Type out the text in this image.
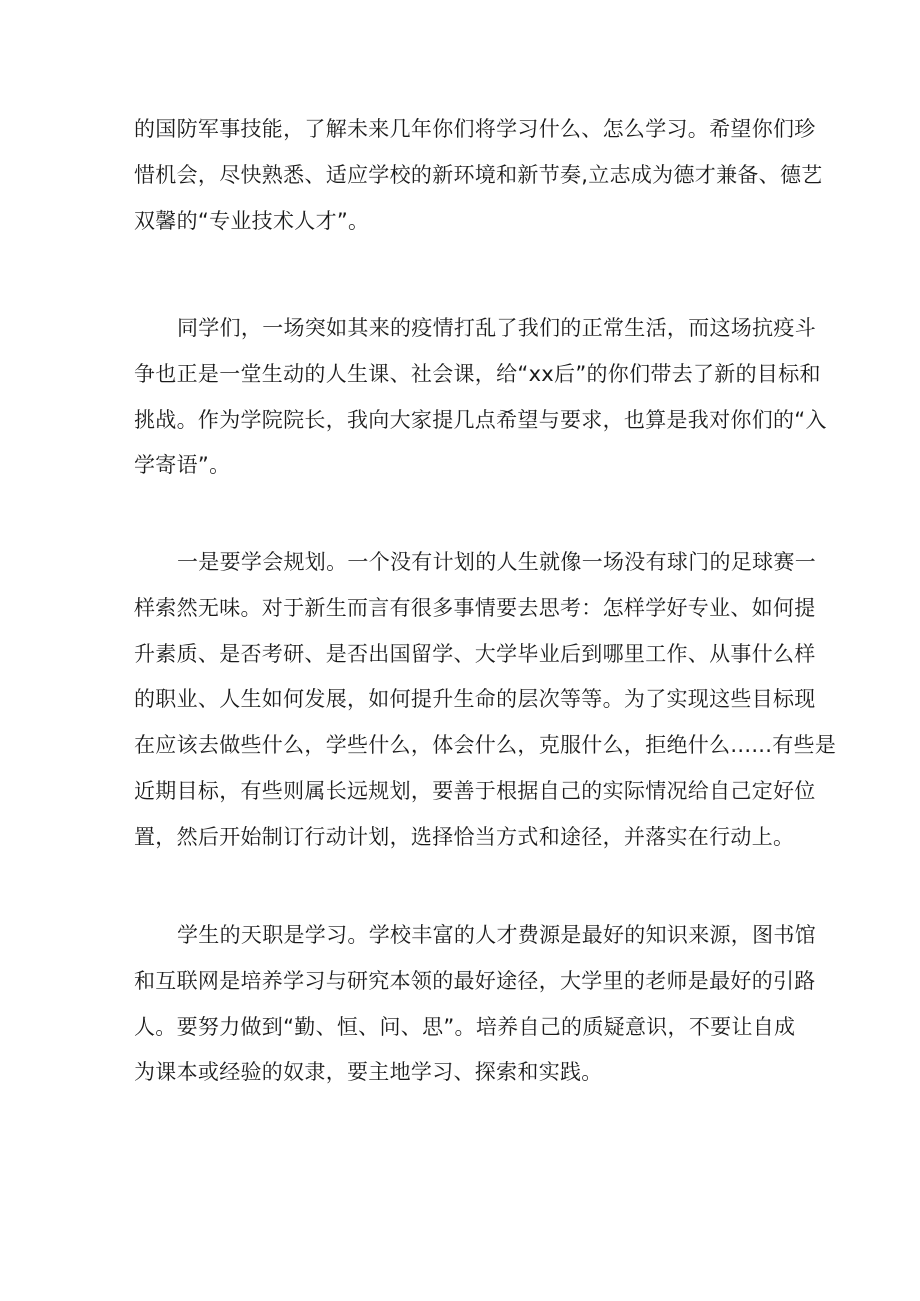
的国防军事技能，了解未来几年你们将学习什么、怎么学习。希望你们珍
惜机会，尽快熟悉、适应学校的新环境和新节奏,立志成为德才兼备、德艺
双馨的“专业技术人才”。

同学们，一场突如其来的疫情打乱了我们的正常生活，而这场抗疫斗
争也正是一堂生动的人生课、社会课，给“xx后”的你们带去了新的目标和
挑战。作为学院院长，我向大家提几点希望与要求，也算是我对你们的“入
学寄语”。

一是要学会规划。一个没有计划的人生就像一场没有球门的足球赛一
样索然无味。对于新生而言有很多事情要去思考：怎样学好专业、如何提
升素质、是否考研、是否出国留学、大学毕业后到哪里工作、从事什么样
的职业、人生如何发展，如何提升生命的层次等等。为了实现这些目标现
在应该去做些什么，学些什么，体会什么，克服什么，拒绝什么......有些是
近期目标，有些则属长远规划，要善于根据自己的实际情况给自己定好位
置，然后开始制订行动计划，选择恰当方式和途径，并落实在行动上。

学生的天职是学习。学校丰富的人才费源是最好的知识来源，图书馆
和互联网是培养学习与研究本领的最好途径，大学里的老师是最好的引路
人。要努力做到“勤、恒、问、思”。培养自己的质疑意识，不要让自成
为课本或经验的奴隶，要主地学习、探索和实践。
